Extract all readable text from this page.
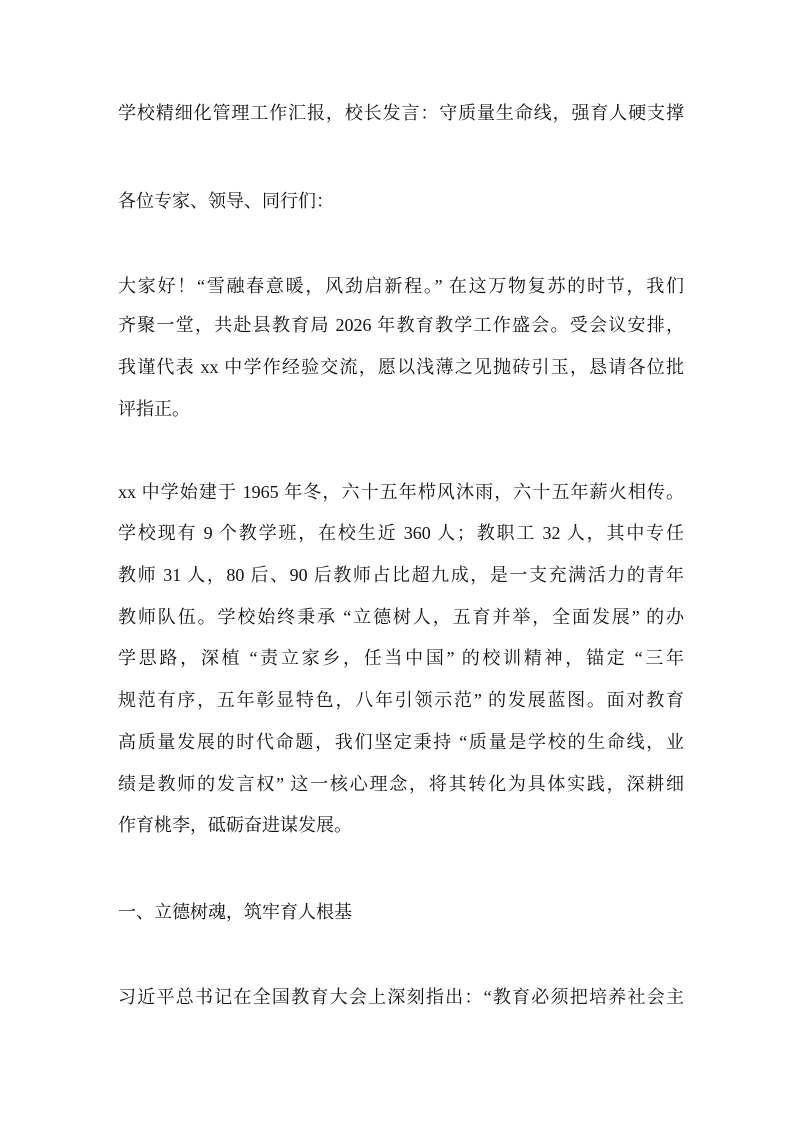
学校精细化管理工作汇报，校长发言：守质量生命线，强育人硬支撑
各位专家、领导、同行们：
大家好！“雪融春意暖，风劲启新程。” 在这万物复苏的时节，我们
齐聚一堂，共赴县教育局 2026 年教育教学工作盛会。受会议安排，
我谨代表 xx 中学作经验交流，愿以浅薄之见抛砖引玉，恳请各位批
评指正。
xx 中学始建于 1965 年冬，六十五年栉风沐雨，六十五年薪火相传。
学校现有 9 个教学班，在校生近 360 人；教职工 32 人，其中专任
教师 31 人，80 后、90 后教师占比超九成，是一支充满活力的青年
教师队伍。学校始终秉承 “立德树人，五育并举，全面发展” 的办
学思路，深植 “责立家乡，任当中国” 的校训精神，锚定 “三年
规范有序，五年彰显特色，八年引领示范” 的发展蓝图。面对教育
高质量发展的时代命题，我们坚定秉持 “质量是学校的生命线，业
绩是教师的发言权” 这一核心理念，将其转化为具体实践，深耕细
作育桃李，砥砺奋进谋发展。
一、立德树魂，筑牢育人根基
习近平总书记在全国教育大会上深刻指出：“教育必须把培养社会主
